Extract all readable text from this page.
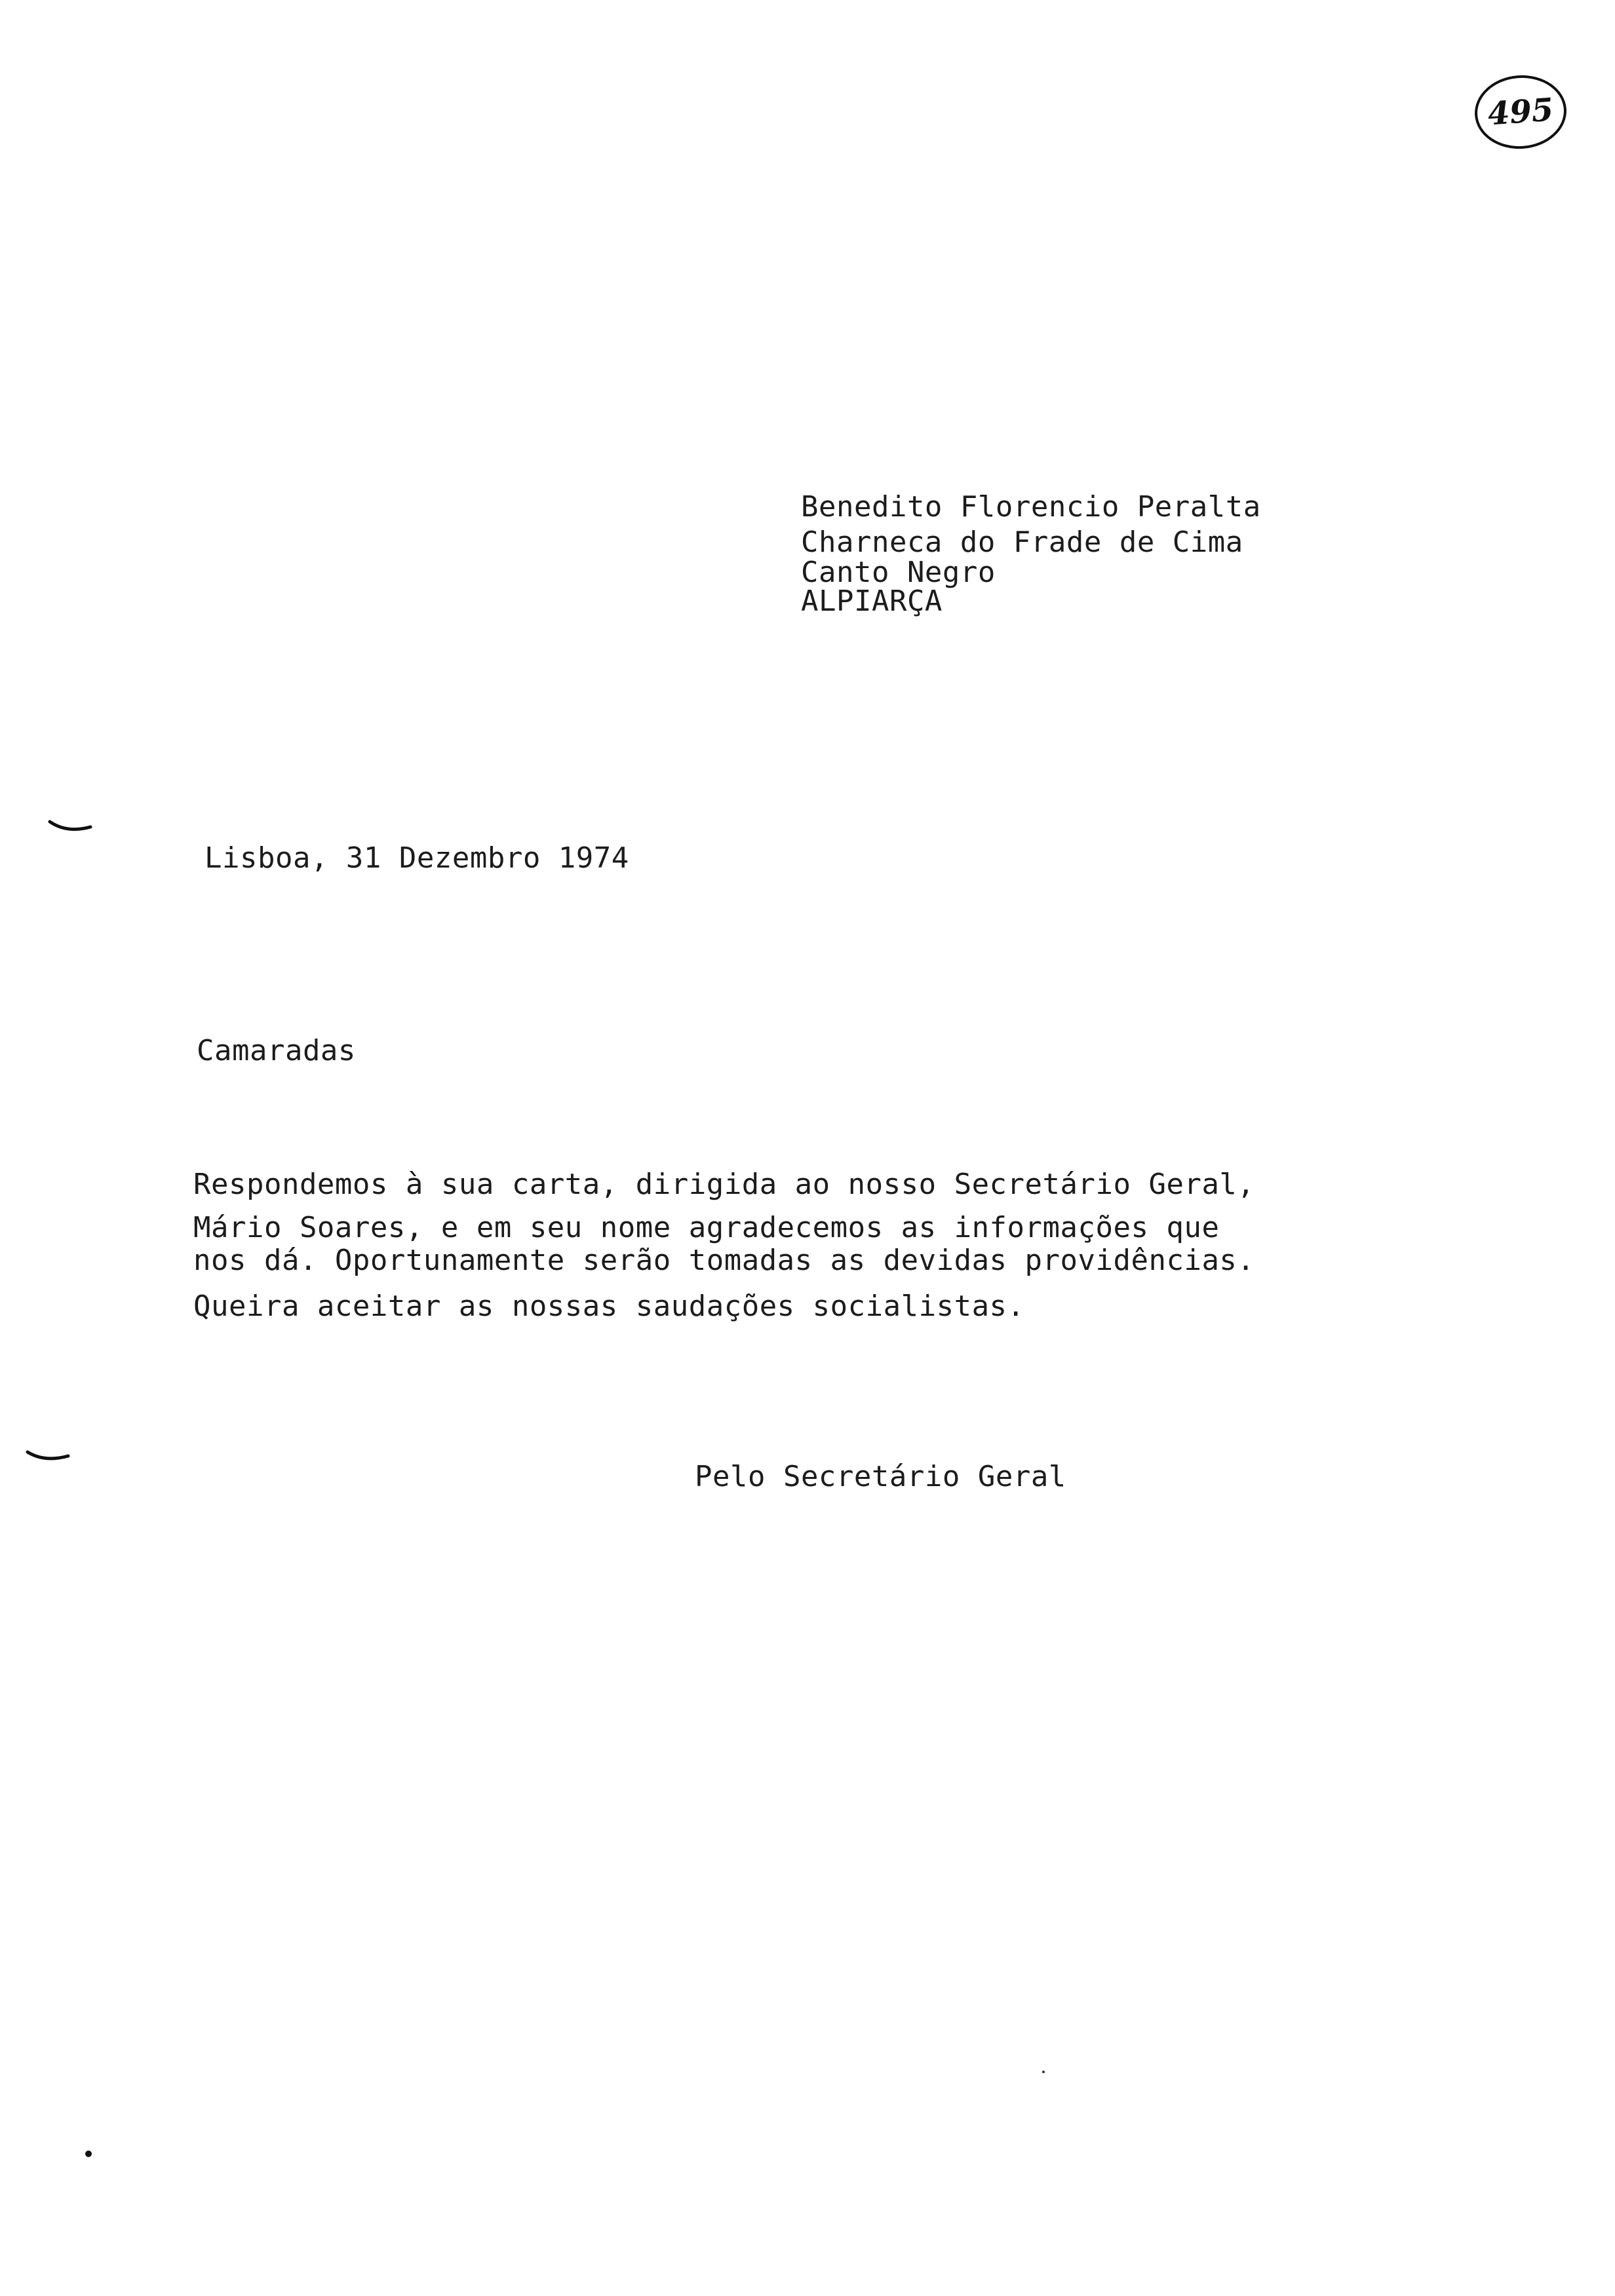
495
Benedito Florencio Peralta
Charneca do Frade de Cima
Canto Negro
ALPIARÇA
Lisboa, 31 Dezembro 1974
Camaradas
Respondemos à sua carta, dirigida ao nosso Secretário Geral,
Mário Soares, e em seu nome agradecemos as informações que
nos dá. Oportunamente serão tomadas as devidas providências.
Queira aceitar as nossas saudações socialistas.
Pelo Secretário Geral
